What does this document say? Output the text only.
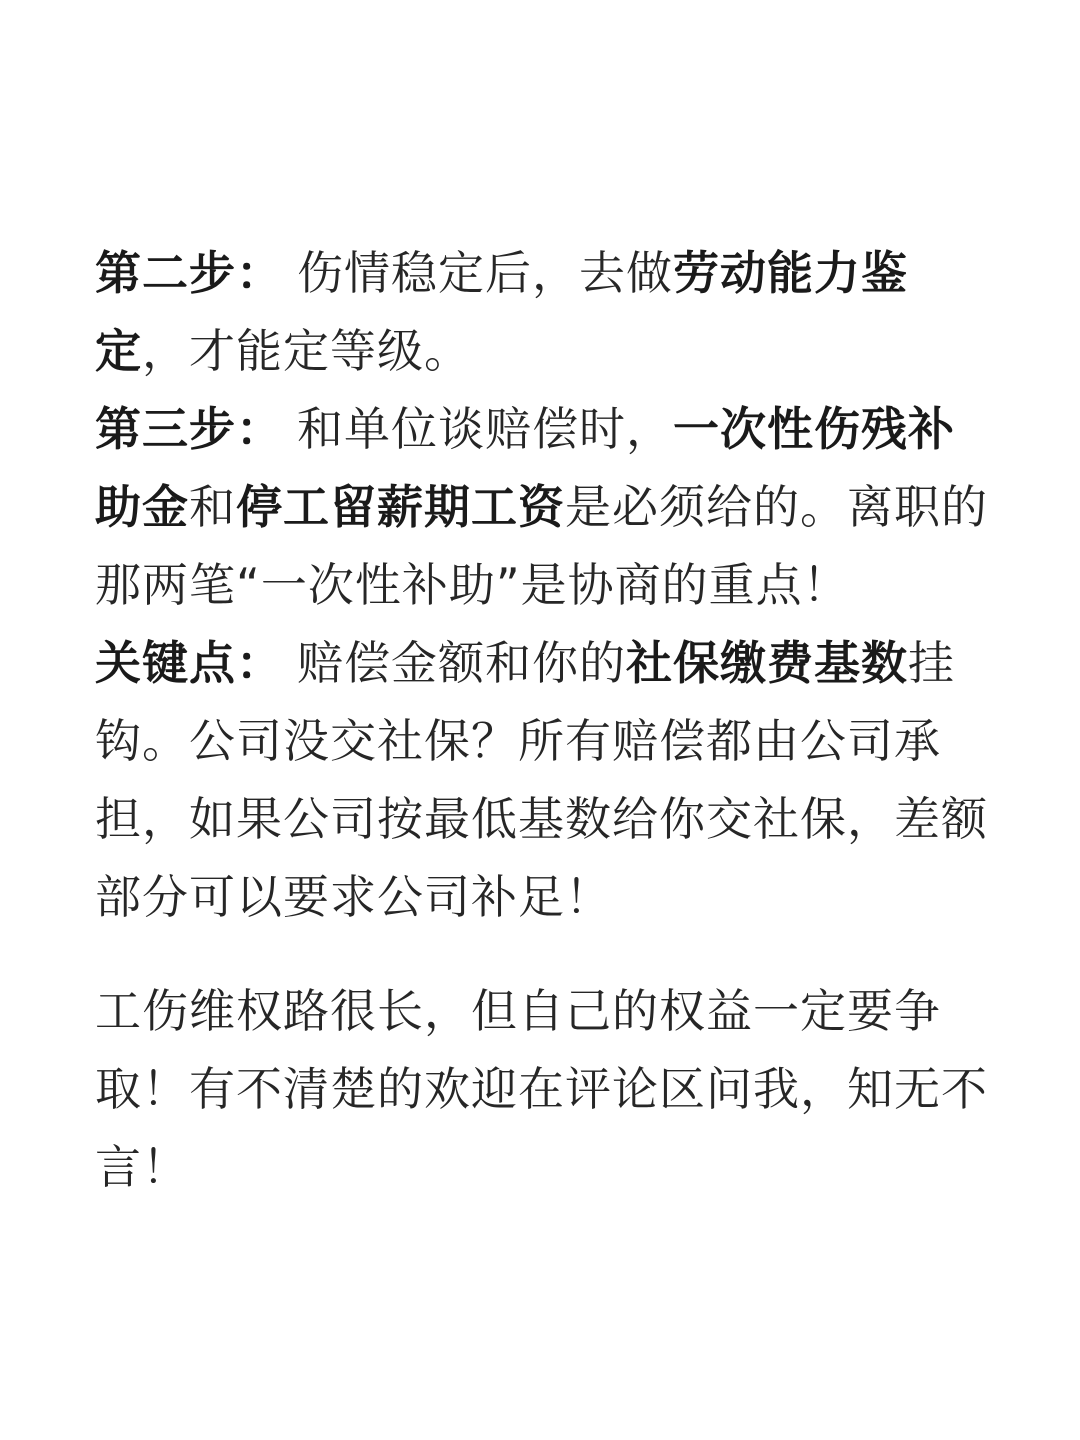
第二步： 伤情稳定后，去做劳动能力鉴定，才能定等级。

第三步： 和单位谈赔偿时，一次性伤残补助金和停工留薪期工资是必须给的。离职的那两笔“一次性补助”是协商的重点！

关键点： 赔偿金额和你的社保缴费基数挂钩。公司没交社保？所有赔偿都由公司承担，如果公司按最低基数给你交社保，差额部分可以要求公司补足！

工伤维权路很长，但自己的权益一定要争取！有不清楚的欢迎在评论区问我，知无不言！
